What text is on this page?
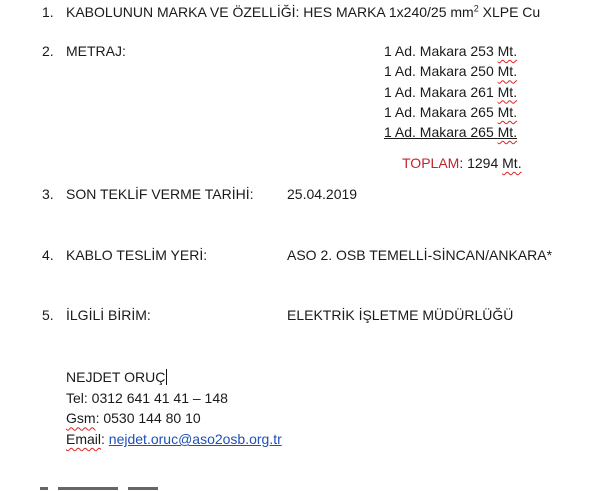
1. KABOLUNUN MARKA VE ÖZELLİĞİ: HES MARKA 1x240/25 $mm^2$ XLPE Cu
2. METRAJ:	1 Ad. Makara 253 Mt.
1 Ad. Makara 250 Mt.
1 Ad. Makara 261 Mt.
1 Ad. Makara 265 Mt.
1 Ad. Makara 265 Mt.
TOPLAM: 1294 Mt.
3. SON TEKLİF VERME TARİHİ: 25.04.2019
4. KABLO TESLİM YERİ:	ASO 2. OSB TEMELLİ-SİNCAN/ANKARA*
5. İLGİLİ BİRİM:	ELEKTRİK İŞLETME MÜDÜRLÜĞÜ
NEJDET ORUÇ
Tel: 0312 641 41 41 – 148
Gsm: 0530 144 80 10
Email: nejdet.oruc@aso2osb.org.tr
